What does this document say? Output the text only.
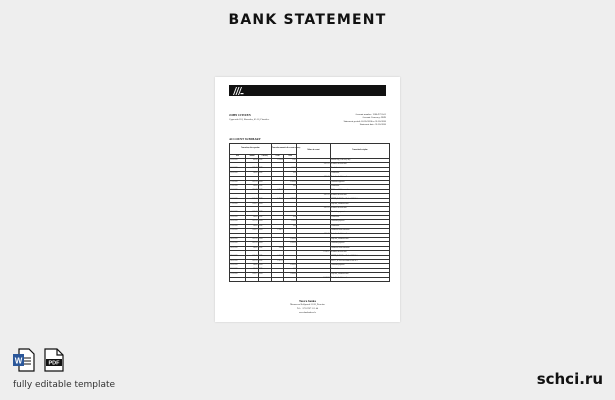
BANK STATEMENT
JOHN CITIZEN
Cypresslo 118, Shuvalov, 05 16, Fizoalo s
Account number: 1360-9712-01
Account Currency: RUB
Statement period: 01/05/2020 to 31/05/2020
Statement date: 31/05/2020
ACCOUNT SUMMARY
Transaction, other operation			Transaction amount in the account currency		Balance in account	Transaction description
Date	Amount	Currency	Credit	Debit		
01.05.2020	443.45	EUR	1 678.89	35.42		Internet shop, debit card, Italy
					6 021.13	Refund to the debit card
04.05.2020	1 021.13	RUB		130.00		Translation from an
05.05.2020	245.00	EUR		0.00		Commission
					6 021.13	Refund to the debit card
11.05.2020	1 021.13	RUB		3 000.00		Transaction payment
11.05.2020	245.00	EUR		0.00		Commission
12.05.2020	1 934.77	RUB	1 934.77			Withdrawal debit transaction
					6 021.13	Refund to the debit card
14.05.2020	3 121.41	RUB	3 121.41	4 992.77		SWIFT, 14 3300 Prior Bank of Wall St.A
17.05.2020	1 934.77	RUB				Shop sale, withdrawal card
					6 021.13	Refund to the debit card
18.05.2020	1 021.13	RUB		1 000.00		Translation payment
19.05.2020	245.00	EUR		0.00		Commission
20.05.2020	1 021.13	RUB		130.00		Translation payment
21.05.2020	245.00	EUR		0.00		Commission
21.05.2020	1 934.77	RUB	1 934.77			Withdrawal debit transaction
					6 021.13	Refund to the debit card
24.05.2020	1 021.13	RUB		1 000.00		Shop sale, withdrawal card
25.05.2020	1 021.13	RUB		3 000.00		Translation payment
26.05.2020	245.00	EUR	134.80			Withdrawal debit transaction
					11 142.37	Refund to the debit card
27.05.2020	1 021.13	EUR	1 021.13			SWIFT, 14 3300 Prior Bank of Wall St.A
28.05.2020	1 021.13	EUR	1 021.13			SWIFT, 14 3300 Prior Bank of Wall St.A
29.05.2020	245.00	RUB		5 000.00		Translation payment
30.05.2020	245.00	EUR		0.00		Commission
31.05.2020	1 934.77	RUB		1 000.00		Shop sale, withdrawal card
					11 142.37	Refund to the debit card
Tessra banka
Maurosevo Kollymerk 31-90, Pienefou
Tel.: +371 6787 11 1 44
www.bankadress.lv
W	PDF
fully editable template	schci.ru
